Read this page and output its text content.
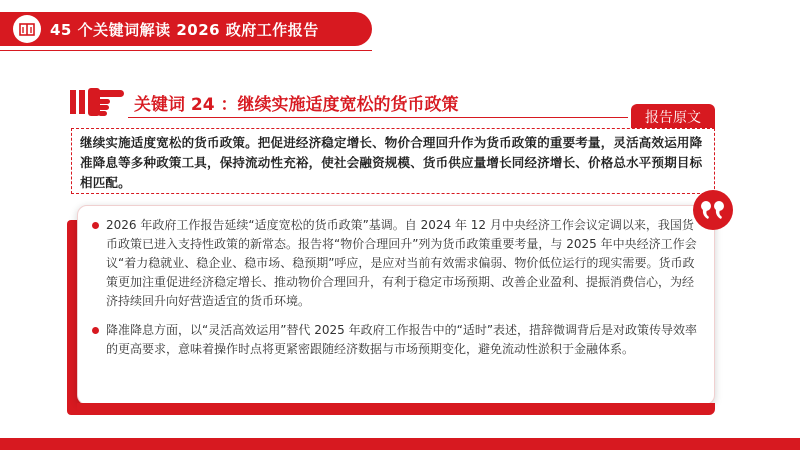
45 个关键词解读 2026 政府工作报告
关键词 24 ：继续实施适度宽松的货币政策
报告原文

继续实施适度宽松的货币政策。把促进经济稳定增长、物价合理回升作为货币政策的重要考量，灵活高效运用降准降息等多种政策工具，保持流动性充裕，使社会融资规模、货币供应量增长同经济增长、价格总水平预期目标相匹配。

2026 年政府工作报告延续“适度宽松的货币政策”基调。自 2024 年 12 月中央经济工作会议定调以来，我国货币政策已进入支持性政策的新常态。报告将“物价合理回升”列为货币政策重要考量，与 2025 年中央经济工作会议“着力稳就业、稳企业、稳市场、稳预期”呼应，是应对当前有效需求偏弱、物价低位运行的现实需要。货币政策更加注重促进经济稳定增长、推动物价合理回升，有利于稳定市场预期、改善企业盈利、提振消费信心，为经济持续回升向好营造适宜的货币环境。
降准降息方面，以“灵活高效运用”替代 2025 年政府工作报告中的“适时”表述，措辞微调背后是对政策传导效率的更高要求，意味着操作时点将更紧密跟随经济数据与市场预期变化，避免流动性淤积于金融体系。
